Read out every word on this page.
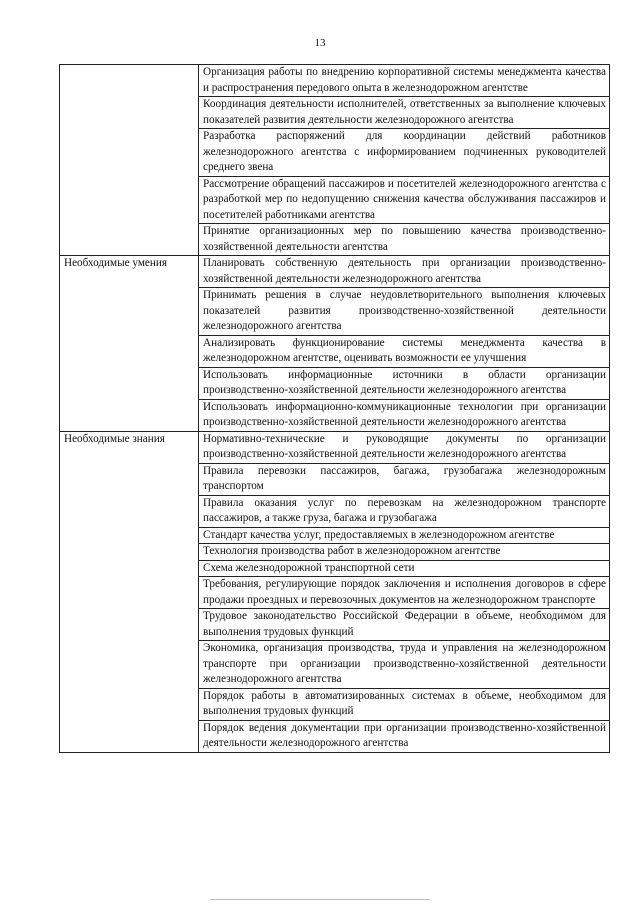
13
	Организация работы по внедрению корпоративной системы менеджмента качества и распространения передового опыта в железнодорожном агентстве
	Координация деятельности исполнителей, ответственных за выполнение ключевых показателей развития деятельности железнодорожного агентства
	Разработка распоряжений для координации действий работников железнодорожного агентства с информированием подчиненных руководителей среднего звена
	Рассмотрение обращений пассажиров и посетителей железнодорожного агентства с разработкой мер по недопущению снижения качества обслуживания пассажиров и посетителей работниками агентства
	Принятие организационных мер по повышению качества производственно-хозяйственной деятельности агентства
Необходимые умения	Планировать собственную деятельность при организации производственно-хозяйственной деятельности железнодорожного агентства
	Принимать решения в случае неудовлетворительного выполнения ключевых показателей развития производственно-хозяйственной деятельности железнодорожного агентства
	Анализировать функционирование системы менеджмента качества в железнодорожном агентстве, оценивать возможности ее улучшения
	Использовать информационные источники в области организации производственно-хозяйственной деятельности железнодорожного агентства
	Использовать информационно-коммуникационные технологии при организации производственно-хозяйственной деятельности железнодорожного агентства
Необходимые знания	Нормативно-технические и руководящие документы по организации производственно-хозяйственной деятельности железнодорожного агентства
	Правила перевозки пассажиров, багажа, грузобагажа железнодорожным транспортом
	Правила оказания услуг по перевозкам на железнодорожном транспорте пассажиров, а также груза, багажа и грузобагажа
	Стандарт качества услуг, предоставляемых в железнодорожном агентстве
	Технология производства работ в железнодорожном агентстве
	Схема железнодорожной транспортной сети
	Требования, регулирующие порядок заключения и исполнения договоров в сфере продажи проездных и перевозочных документов на железнодорожном транспорте
	Трудовое законодательство Российской Федерации в объеме, необходимом для выполнения трудовых функций
	Экономика, организация производства, труда и управления на железнодорожном транспорте при организации производственно-хозяйственной деятельности железнодорожного агентства
	Порядок работы в автоматизированных системах в объеме, необходимом для выполнения трудовых функций
	Порядок ведения документации при организации производственно-хозяйственной деятельности железнодорожного агентства
